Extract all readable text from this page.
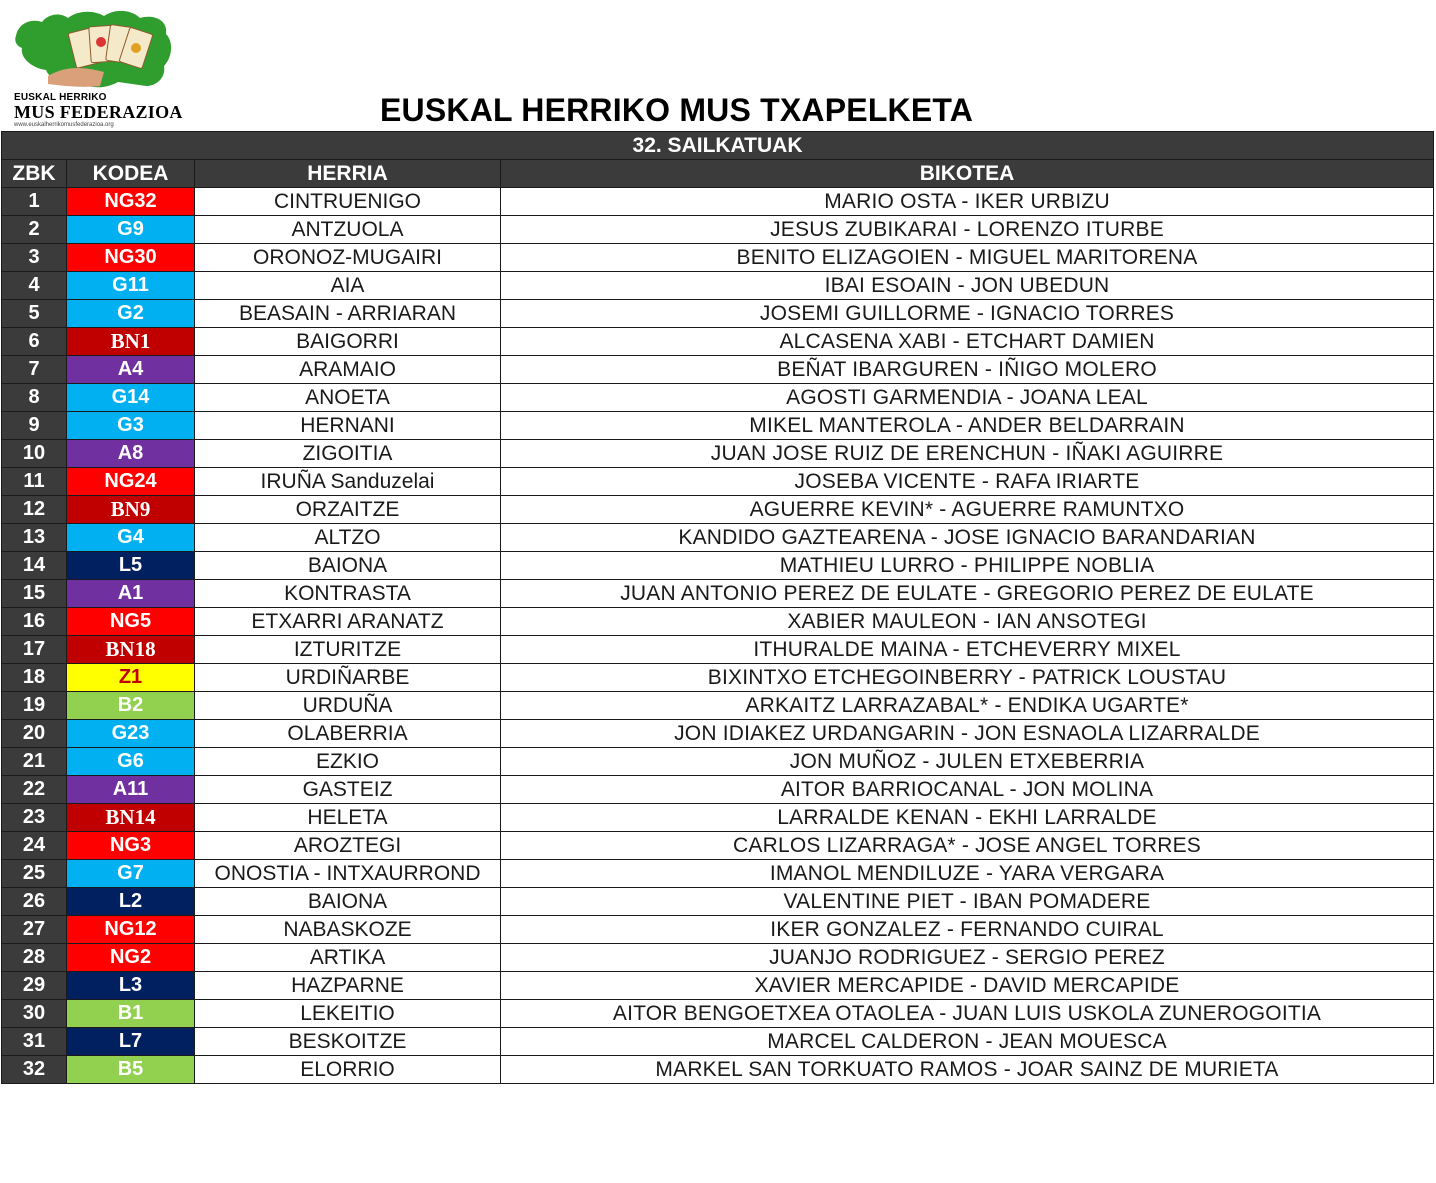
EUSKAL HERRIKO
MUS FEDERAZIOA
www.euskalherrikomusfederazioa.org	EUSKAL HERRIKO MUS TXAPELKETA
32. SAILKATUAK			
ZBK	KODEA	HERRIA	BIKOTEA
1	NG32	CINTRUENIGO	MARIO OSTA - IKER URBIZU
2	G9	ANTZUOLA	JESUS ZUBIKARAI - LORENZO ITURBE
3	NG30	ORONOZ-MUGAIRI	BENITO ELIZAGOIEN - MIGUEL MARITORENA
4	G11	AIA	IBAI ESOAIN - JON UBEDUN
5	G2	BEASAIN - ARRIARAN	JOSEMI GUILLORME - IGNACIO TORRES
6	BN1	BAIGORRI	ALCASENA XABI - ETCHART DAMIEN
7	A4	ARAMAIO	BEÑAT IBARGUREN - IÑIGO MOLERO
8	G14	ANOETA	AGOSTI GARMENDIA - JOANA LEAL
9	G3	HERNANI	MIKEL MANTEROLA - ANDER BELDARRAIN
10	A8	ZIGOITIA	JUAN JOSE RUIZ DE ERENCHUN - IÑAKI AGUIRRE
11	NG24	IRUÑA Sanduzelai	JOSEBA VICENTE - RAFA IRIARTE
12	BN9	ORZAITZE	AGUERRE KEVIN* - AGUERRE RAMUNTXO
13	G4	ALTZO	KANDIDO GAZTEARENA - JOSE IGNACIO BARANDARIAN
14	L5	BAIONA	MATHIEU LURRO - PHILIPPE NOBLIA
15	A1	KONTRASTA	JUAN ANTONIO PEREZ DE EULATE - GREGORIO PEREZ DE EULATE
16	NG5	ETXARRI ARANATZ	XABIER MAULEON - IAN ANSOTEGI
17	BN18	IZTURITZE	ITHURALDE MAINA - ETCHEVERRY MIXEL
18	Z1	URDIÑARBE	BIXINTXO ETCHEGOINBERRY - PATRICK LOUSTAU
19	B2	URDUÑA	ARKAITZ LARRAZABAL* - ENDIKA UGARTE*
20	G23	OLABERRIA	JON IDIAKEZ URDANGARIN - JON ESNAOLA LIZARRALDE
21	G6	EZKIO	JON MUÑOZ - JULEN ETXEBERRIA
22	A11	GASTEIZ	AITOR BARRIOCANAL - JON MOLINA
23	BN14	HELETA	LARRALDE KENAN - EKHI LARRALDE
24	NG3	AROZTEGI	CARLOS LIZARRAGA* - JOSE ANGEL TORRES
25	G7	ONOSTIA - INTXAURROND	IMANOL MENDILUZE - YARA VERGARA
26	L2	BAIONA	VALENTINE PIET - IBAN POMADERE
27	NG12	NABASKOZE	IKER GONZALEZ - FERNANDO CUIRAL
28	NG2	ARTIKA	JUANJO RODRIGUEZ - SERGIO PEREZ
29	L3	HAZPARNE	XAVIER MERCAPIDE - DAVID MERCAPIDE
30	B1	LEKEITIO	AITOR BENGOETXEA OTAOLEA - JUAN LUIS USKOLA ZUNEROGOITIA
31	L7	BESKOITZE	MARCEL CALDERON - JEAN MOUESCA
32	B5	ELORRIO	MARKEL SAN TORKUATO RAMOS - JOAR SAINZ DE MURIETA
